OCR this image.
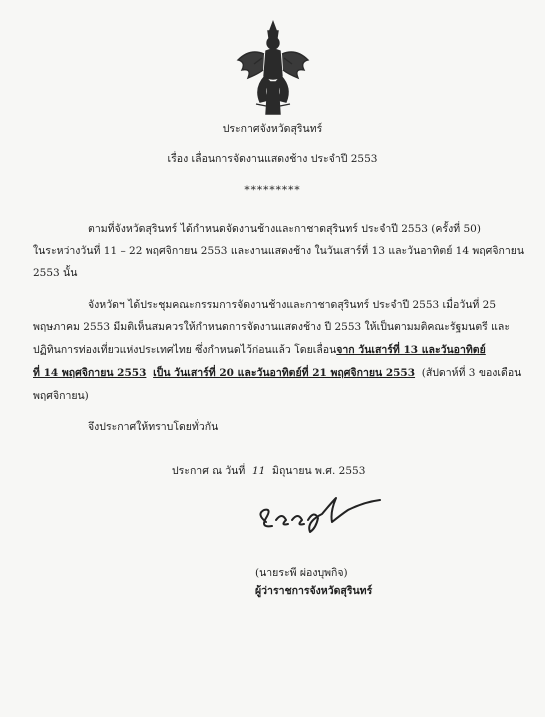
ประกาศจังหวัดสุรินทร์
เรื่อง เลื่อนการจัดงานแสดงช้าง ประจำปี 2553
*********
ตามที่จังหวัดสุรินทร์ ได้กำหนดจัดงานช้างและกาชาดสุรินทร์ ประจำปี 2553 (ครั้งที่ 50)
ในระหว่างวันที่ 11 – 22 พฤศจิกายน 2553 และงานแสดงช้าง ในวันเสาร์ที่ 13 และวันอาทิตย์ 14 พฤศจิกายน
2553 นั้น
จังหวัดฯ ได้ประชุมคณะกรรมการจัดงานช้างและกาชาดสุรินทร์ ประจำปี 2553 เมื่อวันที่ 25
พฤษภาคม 2553 มีมติเห็นสมควรให้กำหนดการจัดงานแสดงช้าง ปี 2553 ให้เป็นตามมติคณะรัฐมนตรี และ
ปฏิทินการท่องเที่ยวแห่งประเทศไทย ซึ่งกำหนดไว้ก่อนแล้ว โดยเลื่อนจาก วันเสาร์ที่ 13 และวันอาทิตย์
ที่ 14 พฤศจิกายน 2553 เป็น วันเสาร์ที่ 20 และวันอาทิตย์ที่ 21 พฤศจิกายน 2553 (สัปดาห์ที่ 3 ของเดือน
พฤศจิกายน)
จึงประกาศให้ทราบโดยทั่วกัน
ประกาศ ณ วันที่ 11 มิถุนายน พ.ศ. 2553
(นายระพี ผ่องบุพกิจ)
ผู้ว่าราชการจังหวัดสุรินทร์
